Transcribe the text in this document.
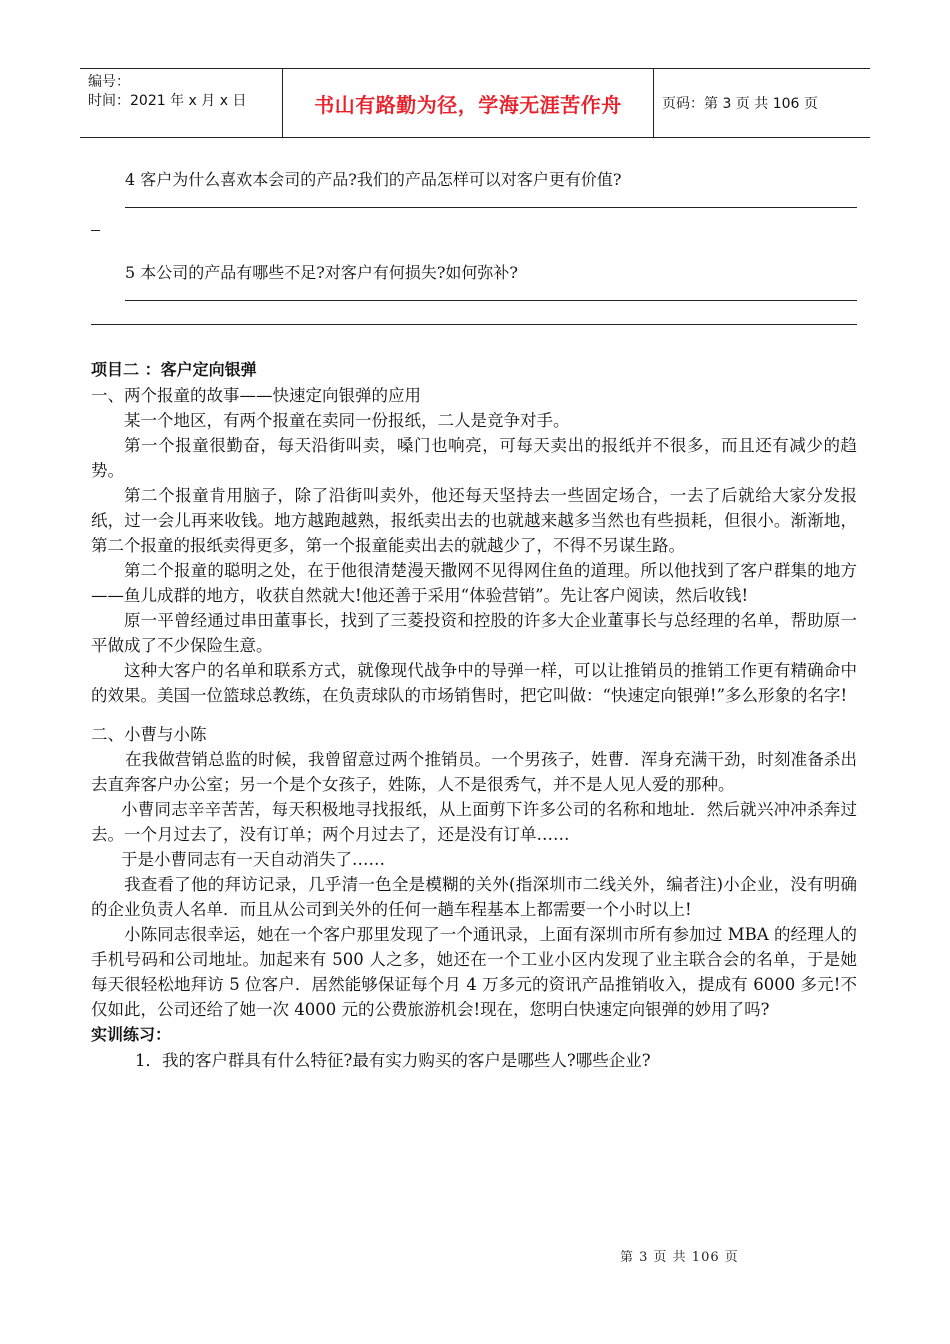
编号：
时间：2021 年 x 月 x 日	书山有路勤为径，学海无涯苦作舟	页码：第 3 页 共 106 页
4 客户为什么喜欢本会司的产品?我们的产品怎样可以对客户更有价值?
5 本公司的产品有哪些不足?对客户有何损失?如何弥补?
项目二 ：客户定向银弹
一、两个报童的故事——快速定向银弹的应用

某一个地区，有两个报童在卖同一份报纸，二人是竞争对手。

第一个报童很勤奋，每天沿街叫卖，嗓门也响亮，可每天卖出的报纸并不很多，而且还有减少的趋势。

第二个报童肯用脑子，除了沿街叫卖外，他还每天坚持去一些固定场合，一去了后就给大家分发报纸，过一会儿再来收钱。地方越跑越熟，报纸卖出去的也就越来越多当然也有些损耗，但很小。渐渐地，第二个报童的报纸卖得更多，第一个报童能卖出去的就越少了，不得不另谋生路。

第二个报童的聪明之处，在于他很清楚漫天撒网不见得网住鱼的道理。所以他找到了客户群集的地方——鱼儿成群的地方，收获自然就大!他还善于采用“体验营销”。先让客户阅读，然后收钱!

原一平曾经通过串田董事长，找到了三菱投资和控股的许多大企业董事长与总经理的名单，帮助原一平做成了不少保险生意。

这种大客户的名单和联系方式，就像现代战争中的导弹一样，可以让推销员的推销工作更有精确命中的效果。美国一位篮球总教练，在负责球队的市场销售时，把它叫做：“快速定向银弹!”多么形象的名字!

二、小曹与小陈

在我做营销总监的时候，我曾留意过两个推销员。一个男孩子，姓曹．浑身充满干劲，时刻准备杀出去直奔客户办公室；另一个是个女孩子，姓陈，人不是很秀气，并不是人见人爱的那种。

小曹同志辛辛苦苦，每天积极地寻找报纸，从上面剪下许多公司的名称和地址．然后就兴冲冲杀奔过去。一个月过去了，没有订单；两个月过去了，还是没有订单……

于是小曹同志有一天自动消失了……

我查看了他的拜访记录，几乎清一色全是模糊的关外(指深圳市二线关外，编者注)小企业，没有明确的企业负责人名单．而且从公司到关外的任何一趟车程基本上都需要一个小时以上!

小陈同志很幸运，她在一个客户那里发现了一个通讯录，上面有深圳市所有参加过 MBA 的经理人的手机号码和公司地址。加起来有 500 人之多，她还在一个工业小区内发现了业主联合会的名单，于是她每天很轻松地拜访 5 位客户．居然能够保证每个月 4 万多元的资讯产品推销收入，提成有 6000 多元!不仅如此，公司还给了她一次 4000 元的公费旅游机会!现在，您明白快速定向银弹的妙用了吗?

实训练习：
1．我的客户群具有什么特征?最有实力购买的客户是哪些人?哪些企业?
第 3 页 共 106 页
